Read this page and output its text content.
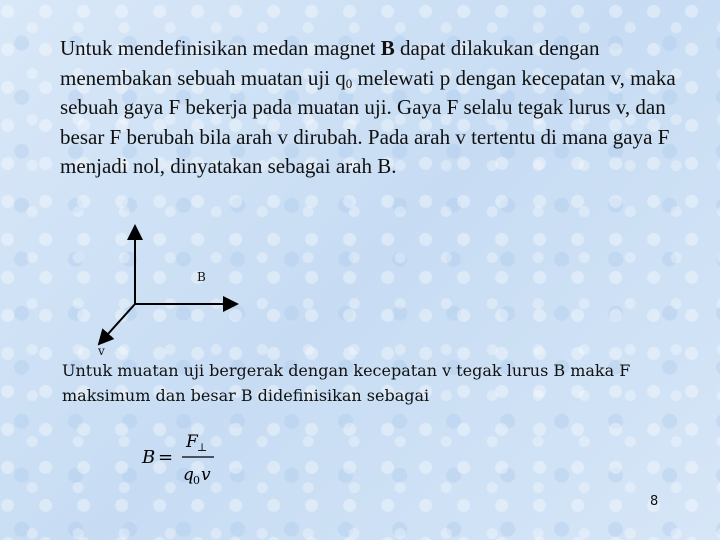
Untuk mendefinisikan medan magnet B dapat dilakukan dengan menembakan sebuah muatan uji $q_0$ melewati p dengan kecepatan v, maka sebuah gaya F bekerja pada muatan uji. Gaya F selalu tegak lurus v, dan besar F berubah bila arah v dirubah. Pada arah v tertentu di mana gaya F menjadi nol, dinyatakan sebagai arah B.
B
v
Untuk muatan uji bergerak dengan kecepatan v tegak lurus B maka F maksimum dan besar B didefinisikan sebagai
B =
F ⊥
q 0 v
8
